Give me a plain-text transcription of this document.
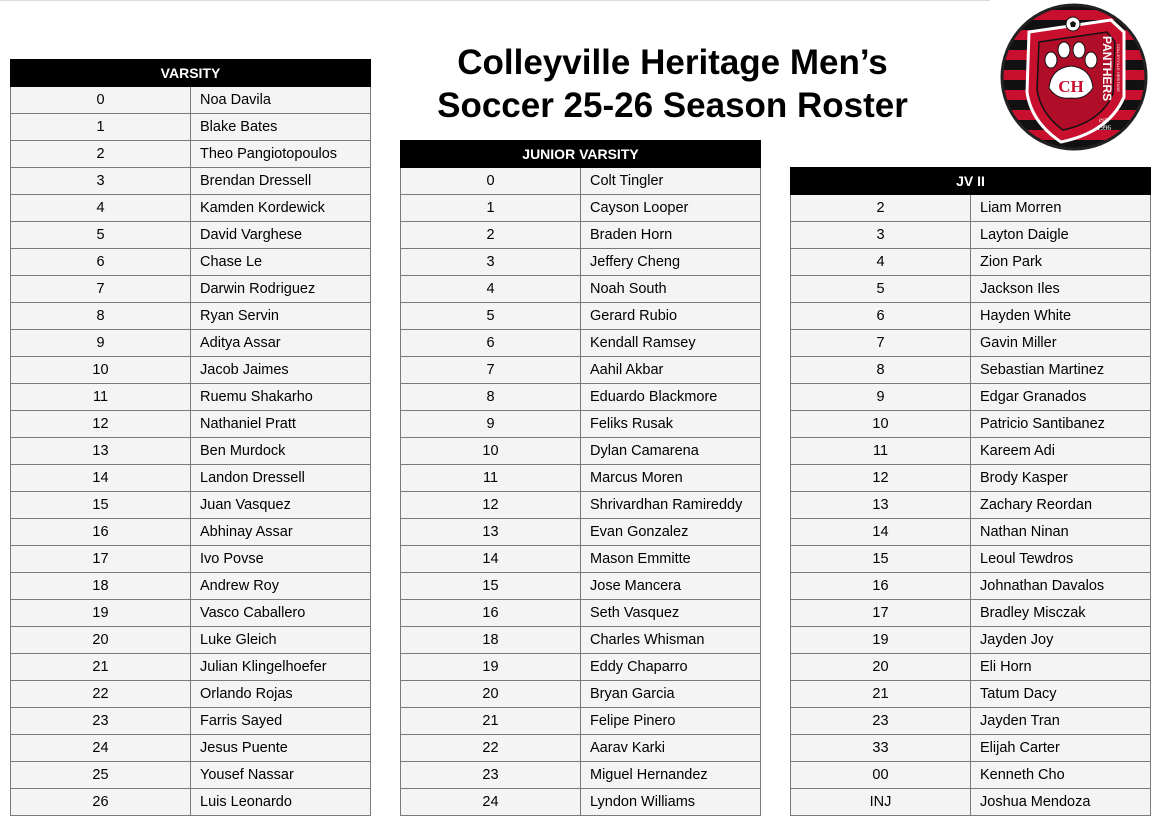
Colleyville Heritage Men’s
Soccer 25-26 Season Roster	CH PANTHERS COLLEYVILLE HERITAGE
est.
1996
VARSITY	
0	Noa Davila
1	Blake Bates
2	Theo Pangiotopoulos
3	Brendan Dressell
4	Kamden Kordewick
5	David Varghese
6	Chase Le
7	Darwin Rodriguez
8	Ryan Servin
9	Aditya Assar
10	Jacob Jaimes
11	Ruemu Shakarho
12	Nathaniel Pratt
13	Ben Murdock
14	Landon Dressell
15	Juan Vasquez
16	Abhinay Assar
17	Ivo Povse
18	Andrew Roy
19	Vasco Caballero
20	Luke Gleich
21	Julian Klingelhoefer
22	Orlando Rojas
23	Farris Sayed
24	Jesus Puente
25	Yousef Nassar
26	Luis Leonardo
JUNIOR VARSITY	
0	Colt Tingler
1	Cayson Looper
2	Braden Horn
3	Jeffery Cheng
4	Noah South
5	Gerard Rubio
6	Kendall Ramsey
7	Aahil Akbar
8	Eduardo Blackmore
9	Feliks Rusak
10	Dylan Camarena
11	Marcus Moren
12	Shrivardhan Ramireddy
13	Evan Gonzalez
14	Mason Emmitte
15	Jose Mancera
16	Seth Vasquez
18	Charles Whisman
19	Eddy Chaparro
20	Bryan Garcia
21	Felipe Pinero
22	Aarav Karki
23	Miguel Hernandez
24	Lyndon Williams
JV II	
2	Liam Morren
3	Layton Daigle
4	Zion Park
5	Jackson Iles
6	Hayden White
7	Gavin Miller
8	Sebastian Martinez
9	Edgar Granados
10	Patricio Santibanez
11	Kareem Adi
12	Brody Kasper
13	Zachary Reordan
14	Nathan Ninan
15	Leoul Tewdros
16	Johnathan Davalos
17	Bradley Misczak
19	Jayden Joy
20	Eli Horn
21	Tatum Dacy
23	Jayden Tran
33	Elijah Carter
00	Kenneth Cho
INJ	Joshua Mendoza
